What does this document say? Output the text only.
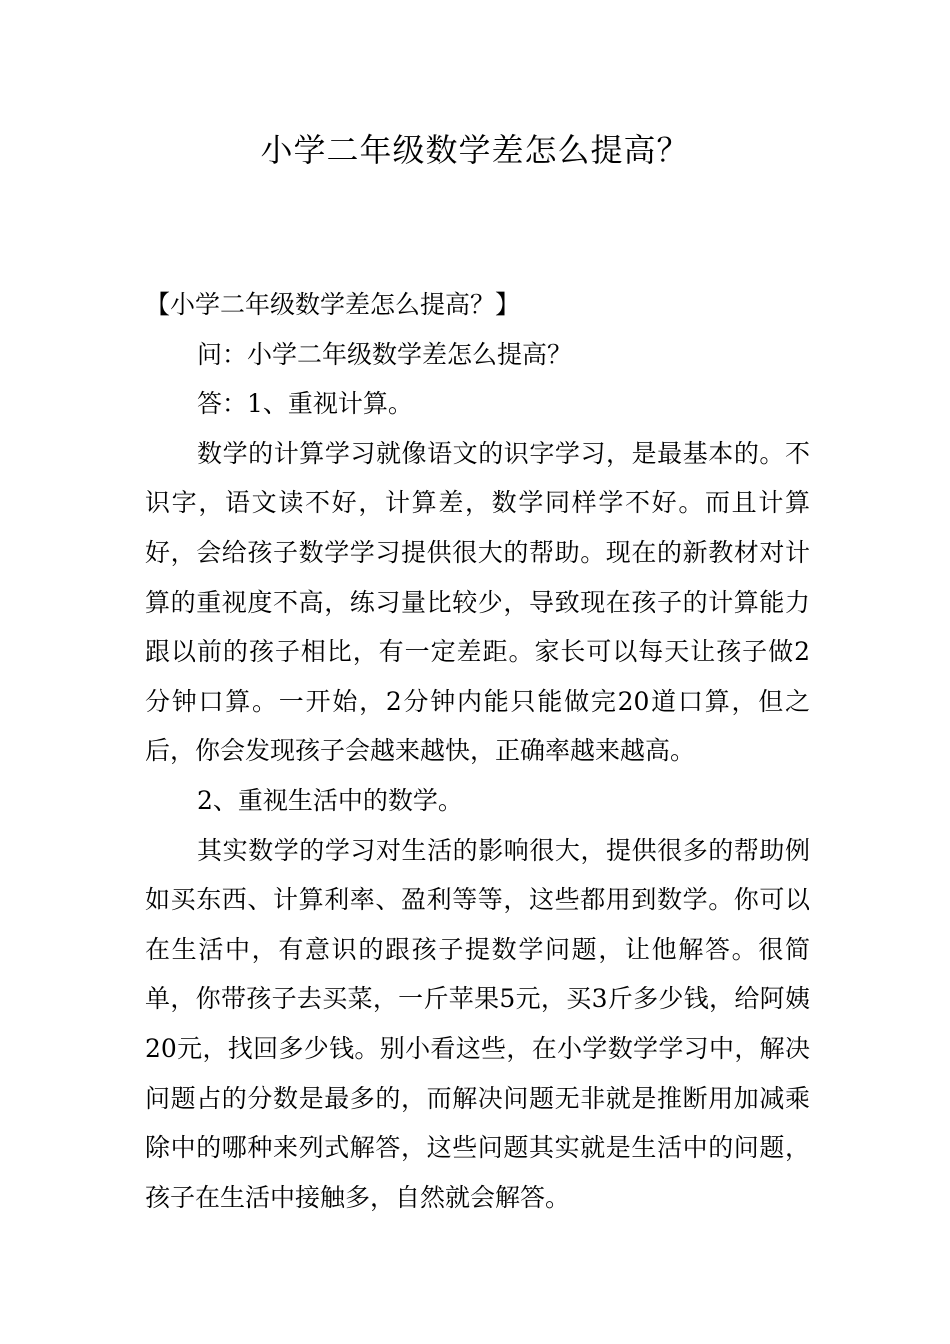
小学二年级数学差怎么提高？

【小学二年级数学差怎么提高？】

问：小学二年级数学差怎么提高？

答：1、重视计算。

数学的计算学习就像语文的识字学习，是最基本的。不识字，语文读不好，计算差，数学同样学不好。而且计算好，会给孩子数学学习提供很大的帮助。现在的新教材对计算的重视度不高，练习量比较少，导致现在孩子的计算能力跟以前的孩子相比，有一定差距。家长可以每天让孩子做2分钟口算。一开始，2分钟内能只能做完20道口算，但之后，你会发现孩子会越来越快，正确率越来越高。

2、重视生活中的数学。

其实数学的学习对生活的影响很大，提供很多的帮助例如买东西、计算利率、盈利等等，这些都用到数学。你可以在生活中，有意识的跟孩子提数学问题，让他解答。很简单，你带孩子去买菜，一斤苹果5元，买3斤多少钱，给阿姨20元，找回多少钱。别小看这些，在小学数学学习中，解决问题占的分数是最多的，而解决问题无非就是推断用加减乘除中的哪种来列式解答，这些问题其实就是生活中的问题，孩子在生活中接触多，自然就会解答。
